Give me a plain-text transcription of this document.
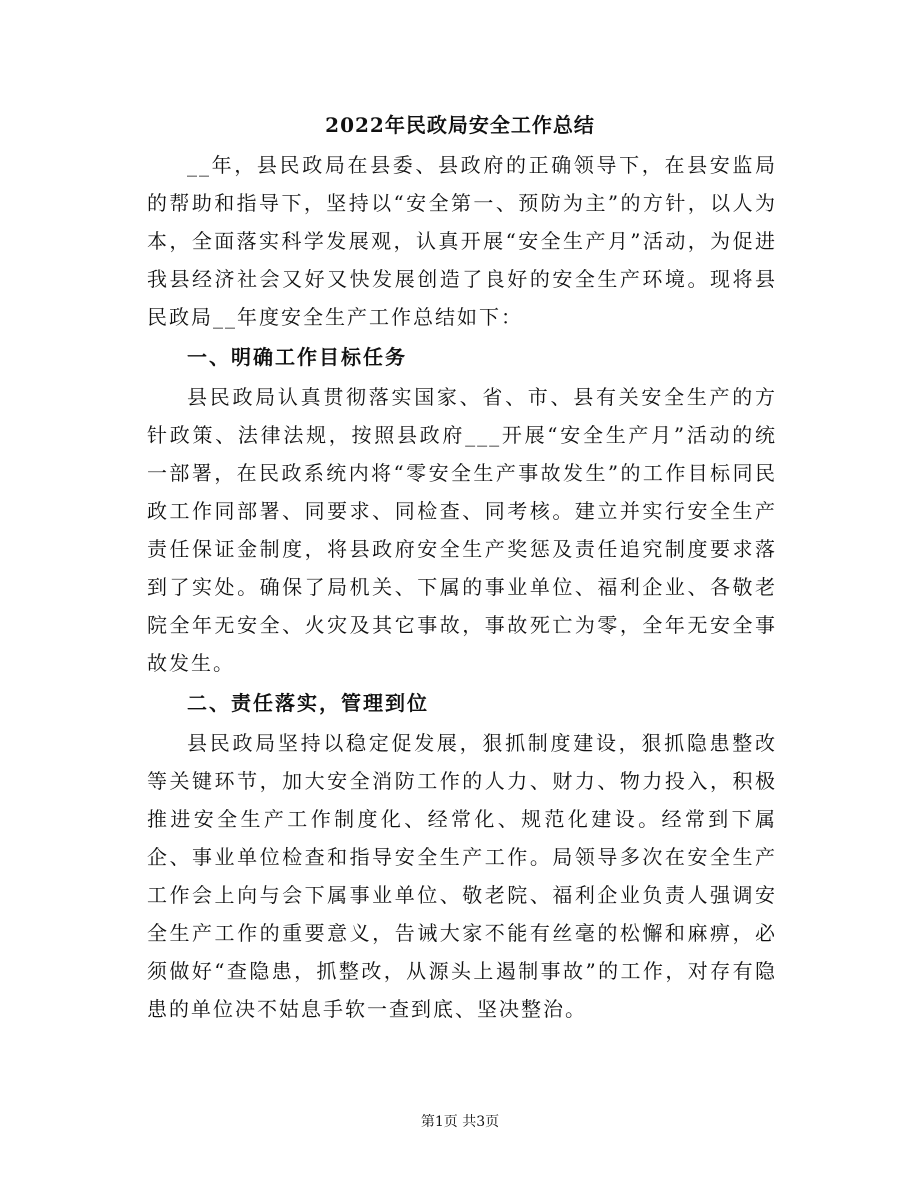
2022年民政局安全工作总结

__年，县民政局在县委、县政府的正确领导下，在县安监局的帮助和指导下，坚持以“安全第一、预防为主”的方针，以人为本，全面落实科学发展观，认真开展“安全生产月”活动，为促进我县经济社会又好又快发展创造了良好的安全生产环境。现将县民政局__年度安全生产工作总结如下：

一、明确工作目标任务

县民政局认真贯彻落实国家、省、市、县有关安全生产的方针政策、法律法规，按照县政府___开展“安全生产月”活动的统一部署，在民政系统内将“零安全生产事故发生”的工作目标同民政工作同部署、同要求、同检查、同考核。建立并实行安全生产责任保证金制度，将县政府安全生产奖惩及责任追究制度要求落到了实处。确保了局机关、下属的事业单位、福利企业、各敬老院全年无安全、火灾及其它事故，事故死亡为零，全年无安全事故发生。

二、责任落实，管理到位

县民政局坚持以稳定促发展，狠抓制度建设，狠抓隐患整改等关键环节，加大安全消防工作的人力、财力、物力投入，积极推进安全生产工作制度化、经常化、规范化建设。经常到下属企、事业单位检查和指导安全生产工作。局领导多次在安全生产工作会上向与会下属事业单位、敬老院、福利企业负责人强调安全生产工作的重要意义，告诫大家不能有丝毫的松懈和麻痹，必须做好“查隐患，抓整改，从源头上遏制事故”的工作，对存有隐患的单位决不姑息手软一查到底、坚决整治。

第1页 共3页
